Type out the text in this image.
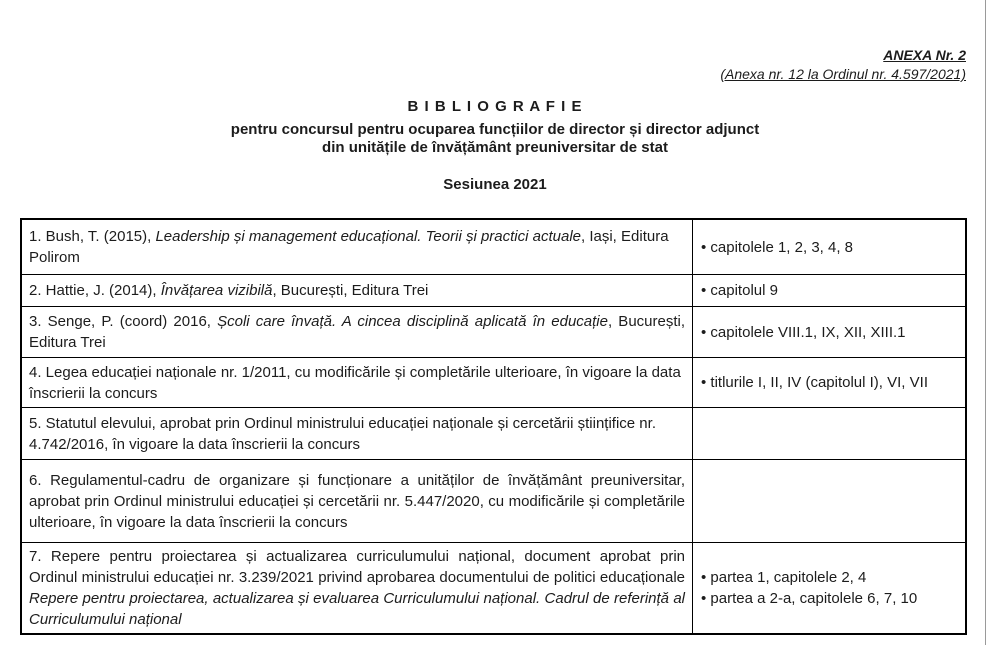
ANEXA Nr. 2
(Anexa nr. 12 la Ordinul nr. 4.597/2021)
B I B L I O G R A F I E
pentru concursul pentru ocuparea funcțiilor de director și director adjunct
din unitățile de învățământ preuniversitar de stat
Sesiunea 2021
1. Bush, T. (2015), Leadership și management educațional. Teorii și practici actuale, Iași, Editura Polirom	• capitolele 1, 2, 3, 4, 8

2. Hattie, J. (2014), Învățarea vizibilă, București, Editura Trei	• capitolul 9

3. Senge, P. (coord) 2016, Școli care învață. A cincea disciplină aplicată în educație, București, Editura Trei	• capitolele VIII.1, IX, XII, XIII.1

4. Legea educației naționale nr. 1/2011, cu modificările și completările ulterioare, în vigoare la data înscrierii la concurs	• titlurile I, II, IV (capitolul I), VI, VII

5. Statutul elevului, aprobat prin Ordinul ministrului educației naționale și cercetării științifice nr. 4.742/2016, în vigoare la data înscrierii la concurs	
6. Regulamentul-cadru de organizare și funcționare a unităților de învățământ preuniversitar, aprobat prin Ordinul ministrului educației și cercetării nr. 5.447/2020, cu modificările și completările ulterioare, în vigoare la data înscrierii la concurs	
7. Repere pentru proiectarea și actualizarea curriculumului național, document aprobat prin Ordinul ministrului educației nr. 3.239/2021 privind aprobarea documentului de politici educaționale Repere pentru proiectarea, actualizarea și evaluarea Curriculumului național. Cadrul de referință al Curriculumului național	• partea 1, capitolele 2, 4
• partea a 2-a, capitolele 6, 7, 10
